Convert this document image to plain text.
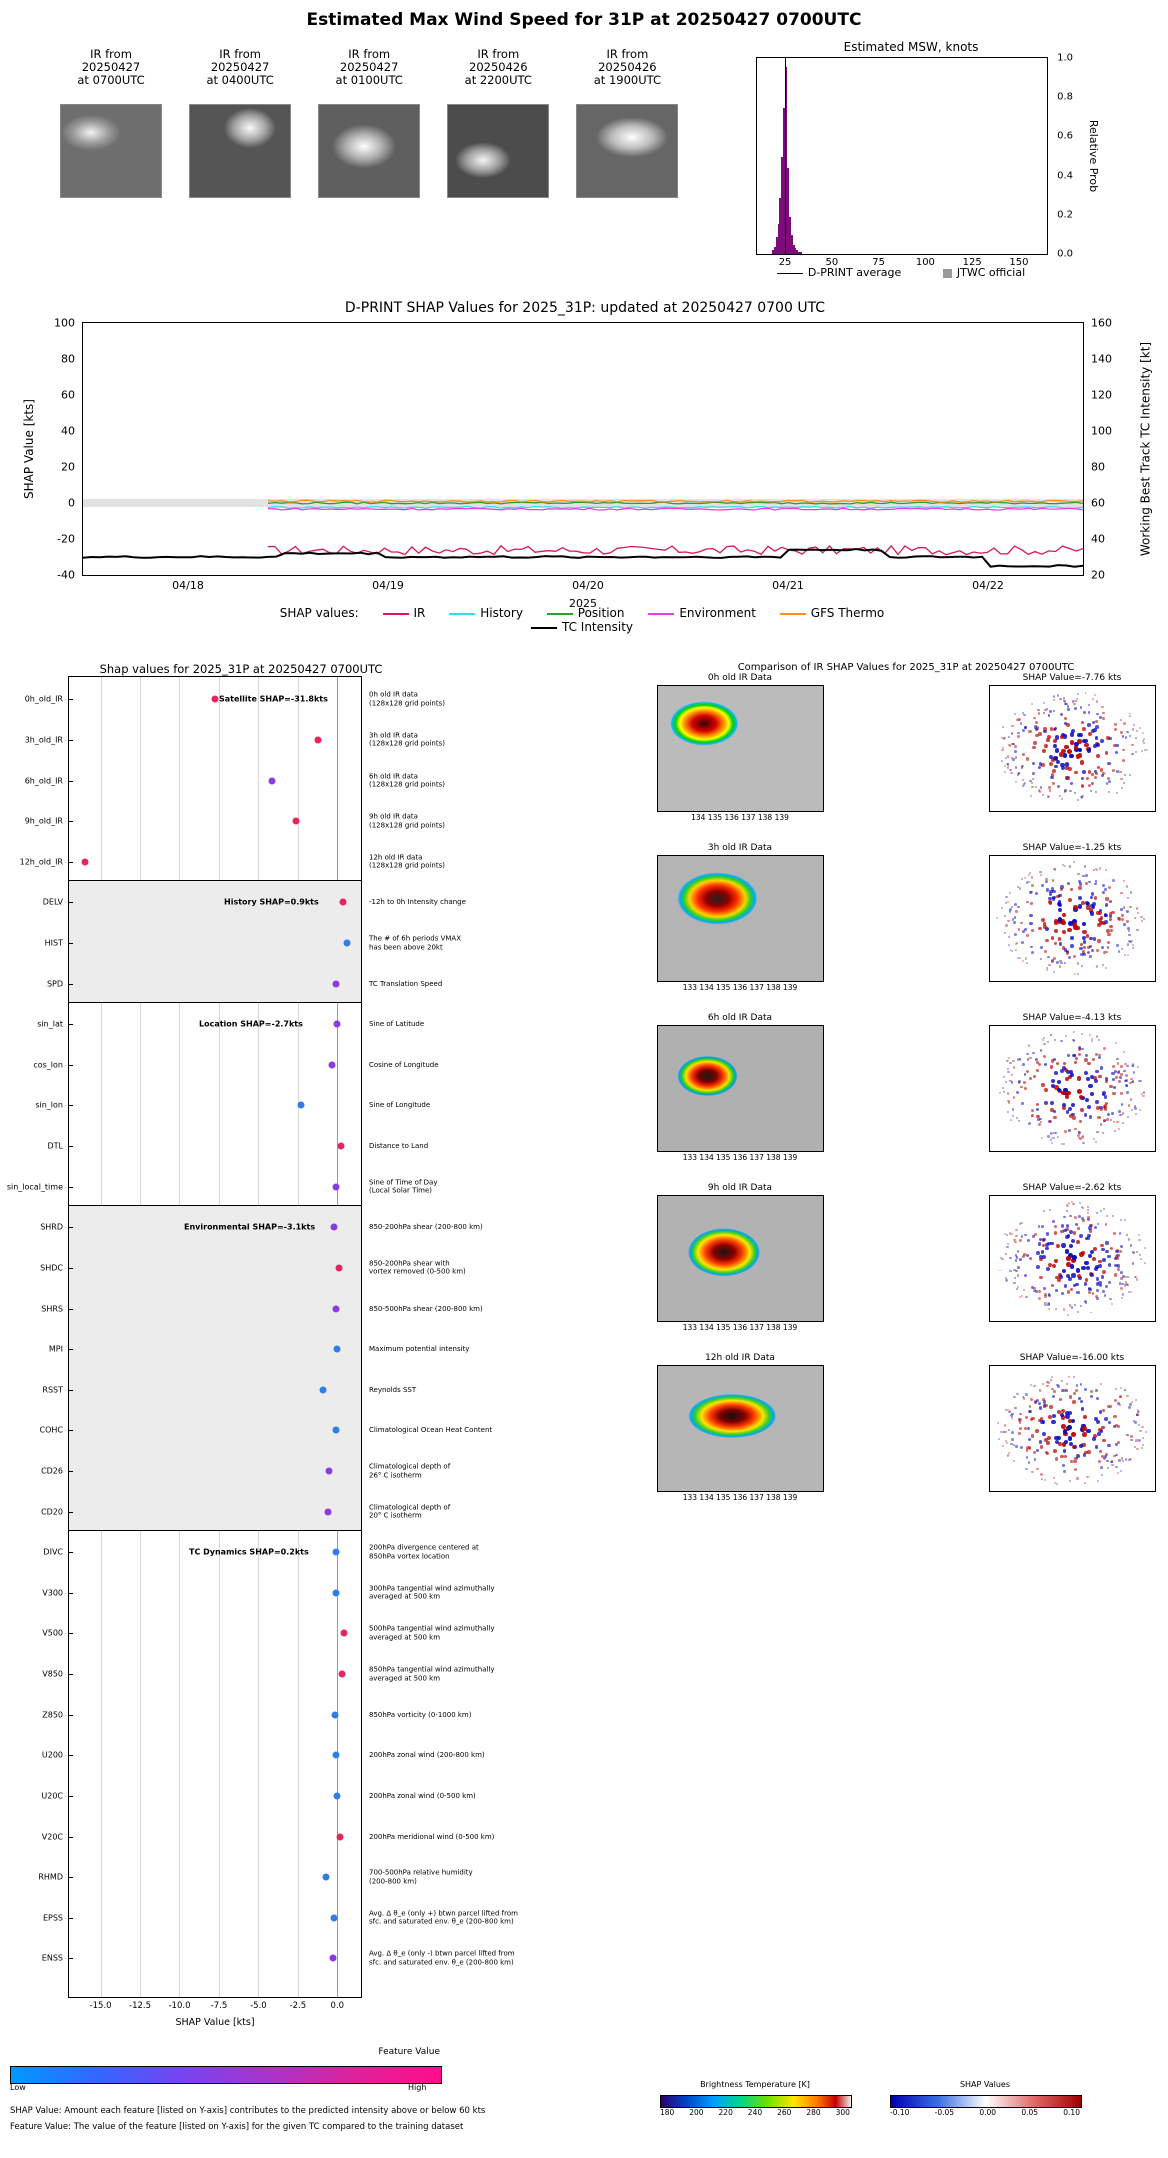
Estimated Max Wind Speed for 31P at 20250427 0700UTC
IR from
20250427
at 0700UTC

IR from
20250427
at 0400UTC

IR from
20250427
at 0100UTC

IR from
20250426
at 2200UTC

IR from
20250426
at 1900UTC
Estimated MSW, knots
Relative Prob
25	50	75	100	125	150
0.0
0.2
0.4
0.6
0.8
1.0
D-PRINT average	JTWC official
D-PRINT SHAP Values for 2025_31P: updated at 20250427 0700 UTC
SHAP Value [kts]	Working Best Track TC Intensity [kt]
2025
100
80
60
40
20
0
-20
-40
160
140
120
100
80
60
40
20
04/18	04/19	04/20	04/21	04/22
SHAP values:	IR	History	Position	Environment	GFS Thermo
TC Intensity
Shap values for 2025_31P at 20250427 0700UTC
SHAP Value [kts]
-15.0 -12.5 -10.0 -7.5	-5.0	-2.5	0.0
Satellite SHAP=-31.8kts
History SHAP=0.9kts
Location SHAP=-2.7kts
Environmental SHAP=-3.1kts
TC Dynamics SHAP=0.2kts
0h_old_IR	0h old IR data
(128x128 grid points)
3h_old_IR	3h old IR data
(128x128 grid points)
6h_old_IR	6h old IR data
(128x128 grid points)
9h_old_IR	9h old IR data
(128x128 grid points)
12h_old_IR	12h old IR data
(128x128 grid points)
DELV	-12h to 0h Intensity change
HIST	The # of 6h periods VMAX
has been above 20kt
SPD	TC Translation Speed
sin_lat	Sine of Latitude
cos_lon	Cosine of Longitude
sin_lon	Sine of Longitude
DTL	Distance to Land
sin_local_time	Sine of Time of Day
(Local Solar Time)
SHRD	850-200hPa shear (200-800 km)
SHDC	850-200hPa shear with
vortex removed (0-500 km)
SHRS	850-500hPa shear (200-800 km)
MPI	Maximum potential intensity
RSST	Reynolds SST
COHC	Climatological Ocean Heat Content
CD26	Climatological depth of
26° C isotherm
CD20	Climatological depth of
20° C isotherm
DIVC	200hPa divergence centered at
850hPa vortex location
V300	300hPa tangential wind azimuthally
averaged at 500 km
V500	500hPa tangential wind azimuthally
averaged at 500 km
V850	850hPa tangential wind azimuthally
averaged at 500 km
Z850	850hPa vorticity (0-1000 km)
U200	200hPa zonal wind (200-800 km)
U20C	200hPa zonal wind (0-500 km)
V20C	200hPa meridional wind (0-500 km)
RHMD	700-500hPa relative humidity
(200-800 km)
EPSS	Avg. Δ θ_e (only +) btwn parcel lifted from
sfc. and saturated env. θ_e (200-800 km)
ENSS	Avg. Δ θ_e (only -) btwn parcel lifted from
sfc. and saturated env. θ_e (200-800 km)
Comparison of IR SHAP Values for 2025_31P at 20250427 0700UTC
0h old IR Data
134 135 136 137 138 139
SHAP Value=-7.76 kts

3h old IR Data
133 134 135 136 137 138 139
SHAP Value=-1.25 kts

6h old IR Data
133 134 135 136 137 138 139
SHAP Value=-4.13 kts

9h old IR Data
133 134 135 136 137 138 139
SHAP Value=-2.62 kts

12h old IR Data
133 134 135 136 137 138 139
SHAP Value=-16.00 kts

Feature Value
Low	High
SHAP Value: Amount each feature [listed on Y-axis] contributes to the predicted intensity above or below 60 kts
Feature Value: The value of the feature [listed on Y-axis] for the given TC compared to the training dataset
Brightness Temperature [K]
180 200 220 240 260 280 300
SHAP Values
-0.10	-0.05	0.00	0.05	0.10
